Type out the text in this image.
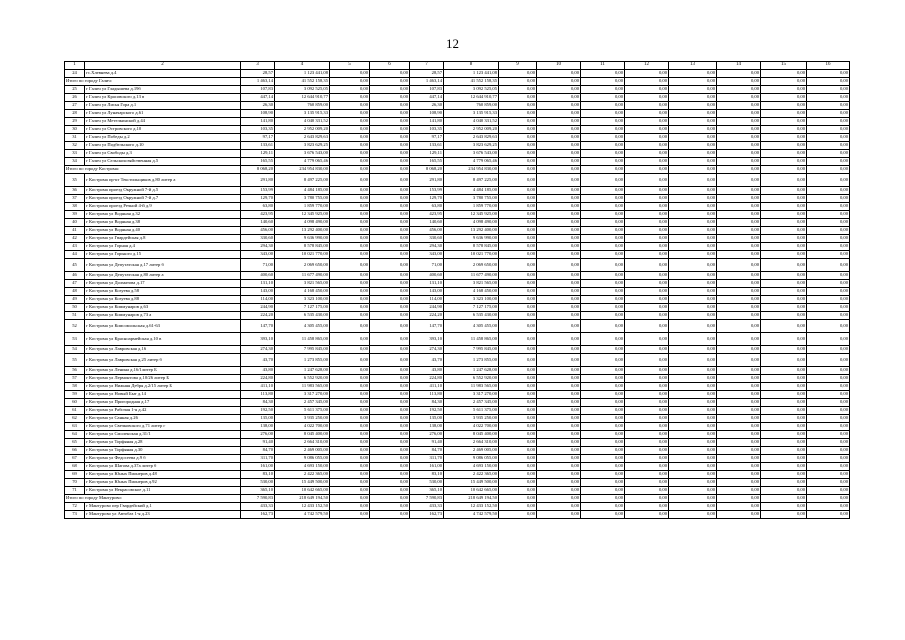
12
1	2	3	4	5	6	7	8	9	10	11	12	13	14	15	16
24	гс.Хлевнева д.4	28,57	1 123 441,08	0,00	0,00	28,57	1 123 441,08	0,00	0,00	0,00	0,00	0,00	0,00	0,00	0,00
Итого по городу Галич:		1 463,14	41 552 158,35	0,00	0,00	1 463,14	41 552 158,35	0,00	0,00	0,00	0,00	0,00	0,00	0,00	0,00
25	г Галич ул Гладышева д.19б	107,83	3 092 525,05	0,00	0,00	107,83	3 092 525,05	0,00	0,00	0,00	0,00	0,00	0,00	0,00	0,00
26	г Галич ул Красовского д.13 в	447,14	12 644 910,77	0,00	0,00	447,14	12 644 910,77	0,00	0,00	0,00	0,00	0,00	0,00	0,00	0,00
27	г Галич ул Лисья Гора д.1	26,30	760 859,00	0,00	0,00	26,30	760 859,00	0,00	0,00	0,00	0,00	0,00	0,00	0,00	0,00
28	г Галич ул Луначарского д.61	108,90	3 135 915,33	0,00	0,00	108,90	3 135 915,33	0,00	0,00	0,00	0,00	0,00	0,00	0,00	0,00
29	г Галич ул Метелкинской д.44	141,80	4 040 331,52	0,00	0,00	141,80	4 040 331,52	0,00	0,00	0,00	0,00	0,00	0,00	0,00	0,00
30	г Галич ул Островского д.10	103,35	2 952 009,20	0,00	0,00	103,35	2 952 009,20	0,00	0,00	0,00	0,00	0,00	0,00	0,00	0,00
31	г Галич ул Победы д.2	97,17	2 643 829,63	0,00	0,00	97,17	2 643 829,63	0,00	0,00	0,00	0,00	0,00	0,00	0,00	0,00
32	г Галич ул Подбельского д.10	133,61	3 823 629,25	0,00	0,00	133,61	3 823 629,25	0,00	0,00	0,00	0,00	0,00	0,00	0,00	0,00
33	г Галич ул Свободы д.3	129,11	3 676 543,00	0,00	0,00	129,11	3 676 543,00	0,00	0,00	0,00	0,00	0,00	0,00	0,00	0,00
34	г Галич ул Сельскохозяйственная д.5	165,55	4 779 065,46	0,00	0,00	165,55	4 779 065,46	0,00	0,00	0,00	0,00	0,00	0,00	0,00	0,00
Итого по городу Кострома:		8 068,20	234 954 830,00	0,00	0,00	8 068,20	234 954 830,00	0,00	0,00	0,00	0,00	0,00	0,00	0,00	0,00
35	г Кострома пр-кт Текстильщиков д.80 литер а	291,80	8 497 225,00	0,00	0,00	291,80	8 497 225,00	0,00	0,00	0,00	0,00	0,00	0,00	0,00	0,00
36	г Кострома проезд Окружной 7-й д.5	153,99	4 484 185,00	0,00	0,00	153,99	4 484 185,00	0,00	0,00	0,00	0,00	0,00	0,00	0,00	0,00
37	г Кострома проезд Окружной 7-й д.7	129,70	3 780 755,00	0,00	0,00	129,70	3 780 755,00	0,00	0,00	0,00	0,00	0,00	0,00	0,00	0,00
38	г Кострома проезд Речной 4-й д.9	63,80	1 859 770,00	0,00	0,00	63,80	1 859 770,00	0,00	0,00	0,00	0,00	0,00	0,00	0,00	0,00
39	г Кострома ул Водяная д.32	423,95	12 345 925,00	0,00	0,00	423,95	12 345 925,00	0,00	0,00	0,00	0,00	0,00	0,00	0,00	0,00
40	г Кострома ул Водяная д.38	140,60	4 098 490,00	0,00	0,00	140,60	4 098 490,00	0,00	0,00	0,00	0,00	0,00	0,00	0,00	0,00
41	г Кострома ул Водяная д.40	456,00	13 292 400,00	0,00	0,00	456,00	13 292 400,00	0,00	0,00	0,00	0,00	0,00	0,00	0,00	0,00
42	г Кострома ул Гвардейская д.8	330,60	9 636 990,00	0,00	0,00	330,60	9 636 990,00	0,00	0,00	0,00	0,00	0,00	0,00	0,00	0,00
43	г Кострома ул Горная д.4	294,30	8 578 845,00	0,00	0,00	294,30	8 578 845,00	0,00	0,00	0,00	0,00	0,00	0,00	0,00	0,00
44	г Кострома ул Горького д.15	343,00	10 021 770,00	0,00	0,00	343,00	10 021 770,00	0,00	0,00	0,00	0,00	0,00	0,00	0,00	0,00
45	г Кострома ул Депутатская д.17 литер б	71,00	2 069 650,00	0,00	0,00	71,00	2 069 650,00	0,00	0,00	0,00	0,00	0,00	0,00	0,00	0,00
46	г Кострома ул Депутатская д.80 литер а	400,60	11 677 490,00	0,00	0,00	400,60	11 677 490,00	0,00	0,00	0,00	0,00	0,00	0,00	0,00	0,00
47	г Кострома ул Долматова д.17	131,10	3 821 565,00	0,00	0,00	131,10	3 821 565,00	0,00	0,00	0,00	0,00	0,00	0,00	0,00	0,00
48	г Кострома ул Козуева д.58	143,00	4 168 450,00	0,00	0,00	143,00	4 168 450,00	0,00	0,00	0,00	0,00	0,00	0,00	0,00	0,00
49	г Кострома ул Козуева д.88	114,00	3 323 100,00	0,00	0,00	114,00	3 323 100,00	0,00	0,00	0,00	0,00	0,00	0,00	0,00	0,00
50	г Кострома ул Коммунаров д.63	244,90	7 127 175,00	0,00	0,00	244,90	7 127 175,00	0,00	0,00	0,00	0,00	0,00	0,00	0,00	0,00
51	г Кострома ул Коммунаров д.73 а	224,20	6 535 430,00	0,00	0,00	224,20	6 535 430,00	0,00	0,00	0,00	0,00	0,00	0,00	0,00	0,00
52	г Кострома ул Комсомольская д.61-63	147,70	4 305 455,00	0,00	0,00	147,70	4 305 455,00	0,00	0,00	0,00	0,00	0,00	0,00	0,00	0,00
53	г Кострома ул Красноармейская д.10 в	393,10	11 458 865,00	0,00	0,00	393,10	11 458 865,00	0,00	0,00	0,00	0,00	0,00	0,00	0,00	0,00
54	г Кострома ул Лавровская д.16	274,30	7 995 845,00	0,00	0,00	274,30	7 995 845,00	0,00	0,00	0,00	0,00	0,00	0,00	0,00	0,00
55	г Кострома ул Лавровская д.25 литер б	43,70	1 273 855,00	0,00	0,00	43,70	1 273 855,00	0,00	0,00	0,00	0,00	0,00	0,00	0,00	0,00
56	г Кострома ул Ленина д.16/1литер Б	43,80	1 247 628,00	0,00	0,00	43,80	1 247 628,00	0,00	0,00	0,00	0,00	0,00	0,00	0,00	0,00
57	г Кострома ул Лермонтова д.10/26 литер Б	224,80	6 552 920,00	0,00	0,00	224,80	6 552 920,00	0,00	0,00	0,00	0,00	0,00	0,00	0,00	0,00
58	г Кострома ул Нижняя Дебря д.2/15 литер Б	411,10	11 983 565,00	0,00	0,00	411,10	11 983 565,00	0,00	0,00	0,00	0,00	0,00	0,00	0,00	0,00
59	г Кострома ул Новый Быт д.14	113,80	3 317 270,00	0,00	0,00	113,80	3 317 270,00	0,00	0,00	0,00	0,00	0,00	0,00	0,00	0,00
60	г Кострома ул Пригородная д.17	84,30	2 457 345,00	0,00	0,00	84,30	2 457 345,00	0,00	0,00	0,00	0,00	0,00	0,00	0,00	0,00
61	г Кострома ул Рабочая 1-я д.42	192,50	5 611 375,00	0,00	0,00	192,50	5 611 375,00	0,00	0,00	0,00	0,00	0,00	0,00	0,00	0,00
62	г Кострома ул Санная д.26	135,00	3 935 250,00	0,00	0,00	135,00	3 935 250,00	0,00	0,00	0,00	0,00	0,00	0,00	0,00	0,00
63	г Кострома ул Свечковского д.71 литер г	138,00	4 022 700,00	0,00	0,00	138,00	4 022 700,00	0,00	0,00	0,00	0,00	0,00	0,00	0,00	0,00
64	г Кострома ул Смоленская д.31/1	276,00	8 045 400,00	0,00	0,00	276,00	8 045 400,00	0,00	0,00	0,00	0,00	0,00	0,00	0,00	0,00
65	г Кострома ул Торфяная д.28	91,40	2 664 310,00	0,00	0,00	91,40	2 664 310,00	0,00	0,00	0,00	0,00	0,00	0,00	0,00	0,00
66	г Кострома ул Торфяная д.30	84,70	2 469 005,00	0,00	0,00	84,70	2 469 005,00	0,00	0,00	0,00	0,00	0,00	0,00	0,00	0,00
67	г Кострома ул Федосеева д.9 б	311,70	9 086 055,00	0,00	0,00	311,70	9 086 055,00	0,00	0,00	0,00	0,00	0,00	0,00	0,00	0,00
68	г Кострома ул Шагова д.37а литер б	161,00	4 693 150,00	0,00	0,00	161,00	4 693 150,00	0,00	0,00	0,00	0,00	0,00	0,00	0,00	0,00
69	г Кострома ул Юных Пионеров д.48	83,10	2 422 365,00	0,00	0,00	83,10	2 422 365,00	0,00	0,00	0,00	0,00	0,00	0,00	0,00	0,00
70	г Кострома ул Юных Пионеров д.92	530,00	15 449 500,00	0,00	0,00	530,00	15 449 500,00	0,00	0,00	0,00	0,00	0,00	0,00	0,00	0,00
71	г Кострома ул Некрасовское д.11	365,10	10 642 665,00	0,00	0,00	365,10	10 642 665,00	0,00	0,00	0,00	0,00	0,00	0,00	0,00	0,00
Итого по городу Мантурово:		7 590,83	218 649 194,50	0,00	0,00	7 590,83	218 649 194,50	0,00	0,00	0,00	0,00	0,00	0,00	0,00	0,00
72	г Мантурово пер Гвардейский д.1	433,33	12 433 152,50	0,00	0,00	433,33	12 433 152,50	0,00	0,00	0,00	0,00	0,00	0,00	0,00	0,00
73	г Мантурово ул Автобаз 1-я д.23	162,73	4 742 579,50	0,00	0,00	162,73	4 742 579,50	0,00	0,00	0,00	0,00	0,00	0,00	0,00	0,00
